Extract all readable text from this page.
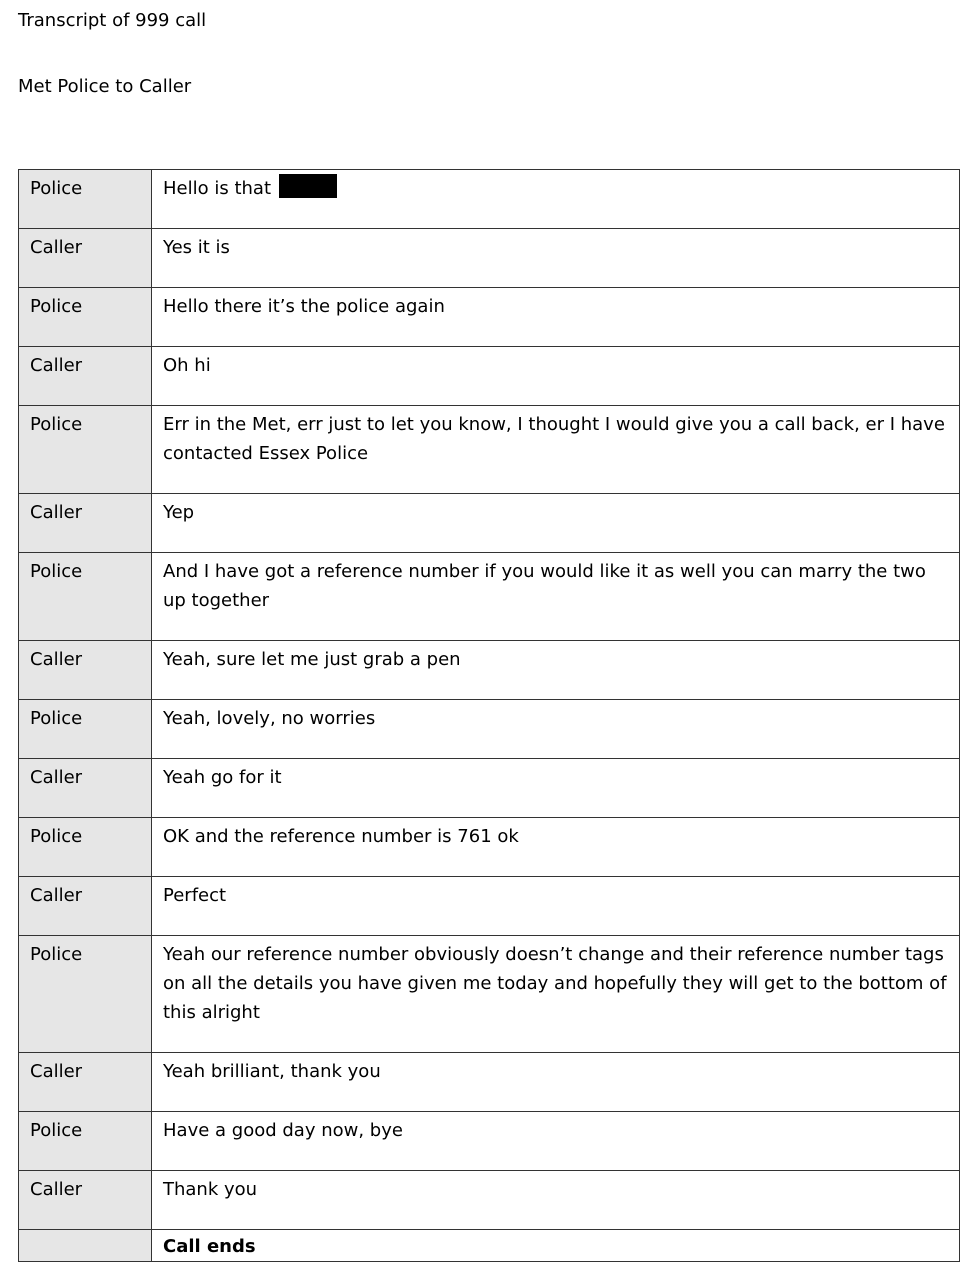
Transcript of 999 call
Met Police to Caller
Police	Hello is that
Caller	Yes it is
Police	Hello there it’s the police again
Caller	Oh hi
Police	Err in the Met, err just to let you know, I thought I would give you a call back, er I have contacted Essex Police
Caller	Yep
Police	And I have got a reference number if you would like it as well you can marry the two up together
Caller	Yeah, sure let me just grab a pen
Police	Yeah, lovely, no worries
Caller	Yeah go for it
Police	OK and the reference number is 761 ok
Caller	Perfect
Police	Yeah our reference number obviously doesn’t change and their reference number tags on all the details you have given me today and hopefully they will get to the bottom of this alright
Caller	Yeah brilliant, thank you
Police	Have a good day now, bye
Caller	Thank you
	Call ends
